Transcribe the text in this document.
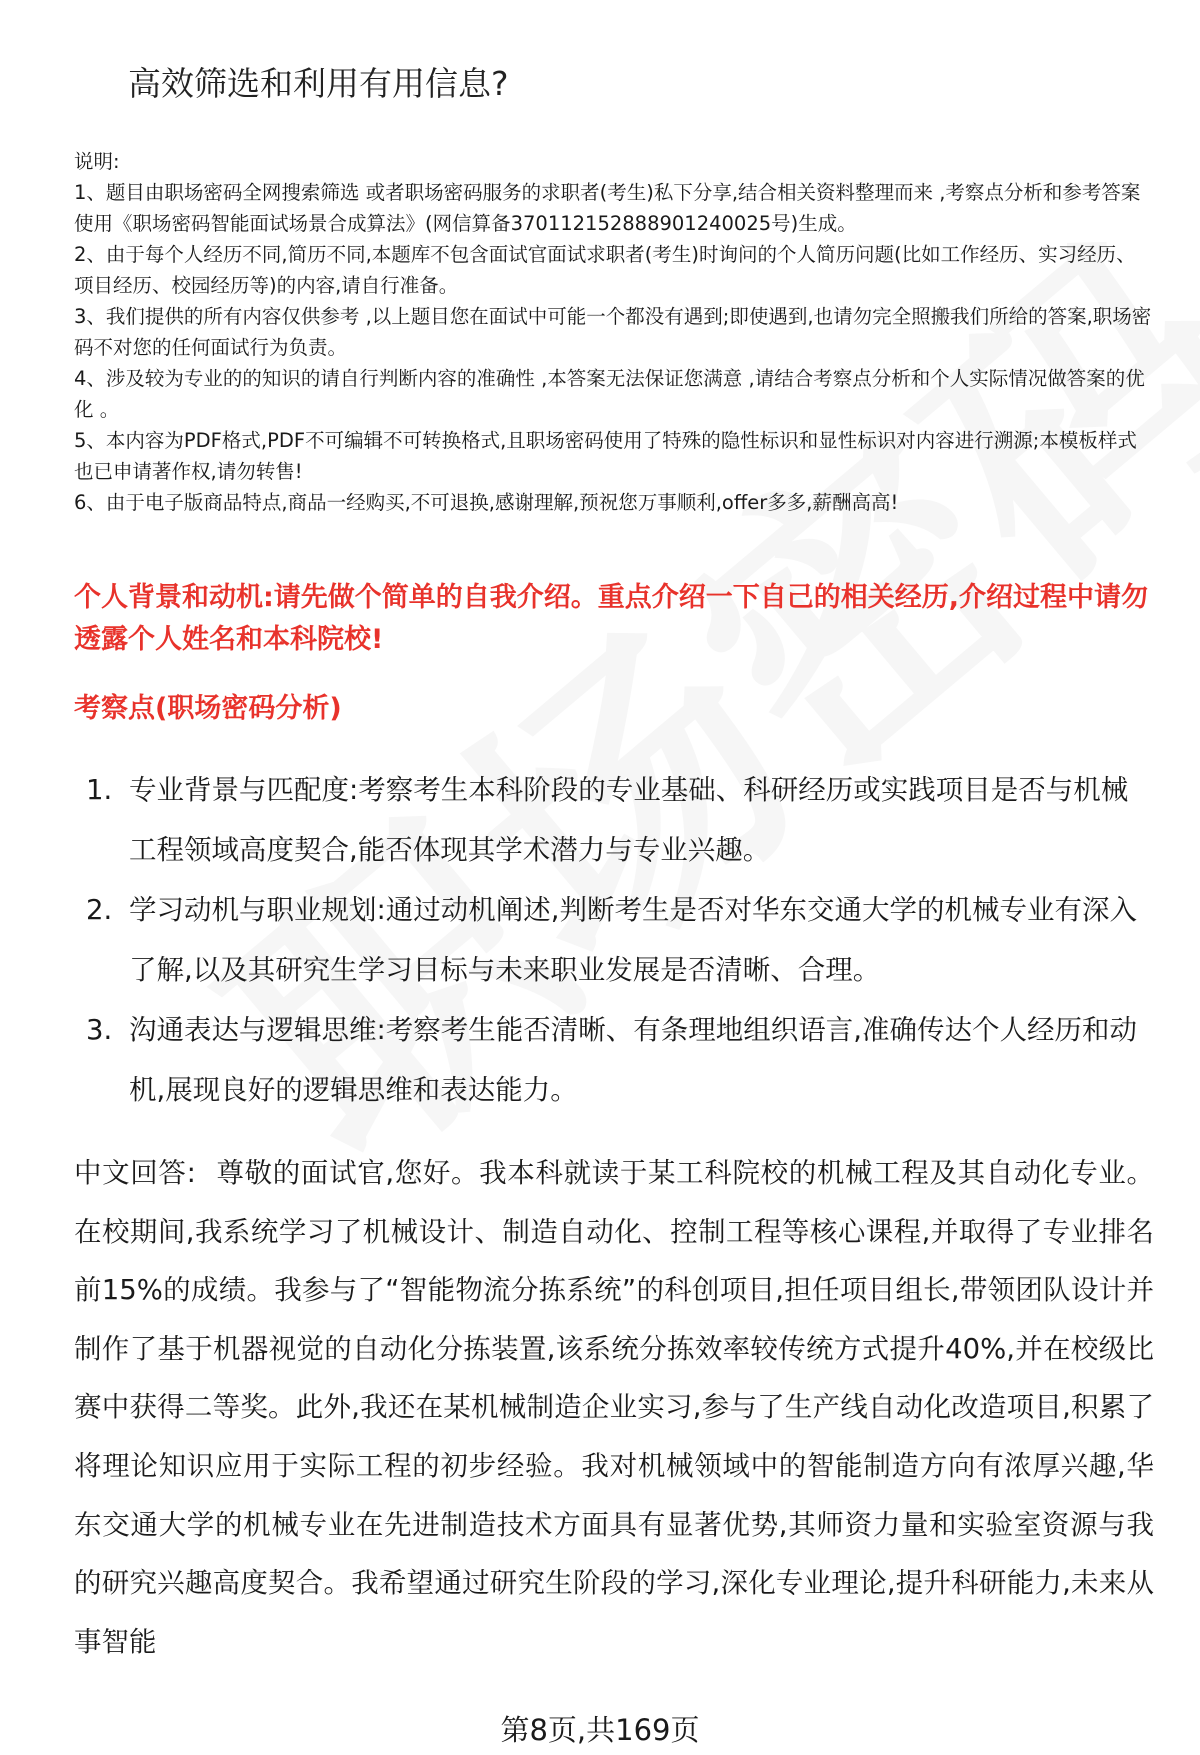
高效筛选和利用有用信息?

说明:

1、题目由职场密码全网搜索筛选 或者职场密码服务的求职者(考生)私下分享,结合相关资料整理而来 ,考察点分析和参考答案使用《职场密码智能面试场景合成算法》(网信算备370112152888901240025号)生成。

2、由于每个人经历不同,简历不同,本题库不包含面试官面试求职者(考生)时询问的个人简历问题(比如工作经历、实习经历、项目经历、校园经历等)的内容,请自行准备。

3、我们提供的所有内容仅供参考 ,以上题目您在面试中可能一个都没有遇到;即使遇到,也请勿完全照搬我们所给的答案,职场密码不对您的任何面试行为负责。

4、涉及较为专业的的知识的请自行判断内容的准确性 ,本答案无法保证您满意 ,请结合考察点分析和个人实际情况做答案的优化 。

5、本内容为PDF格式,PDF不可编辑不可转换格式,且职场密码使用了特殊的隐性标识和显性标识对内容进行溯源;本模板样式也已申请著作权,请勿转售!

6、由于电子版商品特点,商品一经购买,不可退换,感谢理解,预祝您万事顺利,offer多多,薪酬高高!

个人背景和动机:请先做个简单的自我介绍。重点介绍一下自己的相关经历,介绍过程中请勿透露个人姓名和本科院校!
考察点(职场密码分析)
1. 专业背景与匹配度:考察考生本科阶段的专业基础、科研经历或实践项目是否与机械工程领域高度契合,能否体现其学术潜力与专业兴趣。
2. 学习动机与职业规划:通过动机阐述,判断考生是否对华东交通大学的机械专业有深入了解,以及其研究生学习目标与未来职业发展是否清晰、合理。
3. 沟通表达与逻辑思维:考察考生能否清晰、有条理地组织语言,准确传达个人经历和动机,展现良好的逻辑思维和表达能力。
中文回答: 尊敬的面试官,您好。我本科就读于某工科院校的机械工程及其自动化专业。在校期间,我系统学习了机械设计、制造自动化、控制工程等核心课程,并取得了专业排名前15%的成绩。我参与了“智能物流分拣系统”的科创项目,担任项目组长,带领团队设计并制作了基于机器视觉的自动化分拣装置,该系统分拣效率较传统方式提升40%,并在校级比赛中获得二等奖。此外,我还在某机械制造企业实习,参与了生产线自动化改造项目,积累了将理论知识应用于实际工程的初步经验。我对机械领域中的智能制造方向有浓厚兴趣,华东交通大学的机械专业在先进制造技术方面具有显著优势,其师资力量和实验室资源与我的研究兴趣高度契合。我希望通过研究生阶段的学习,深化专业理论,提升科研能力,未来从事智能
第8页,共169页
